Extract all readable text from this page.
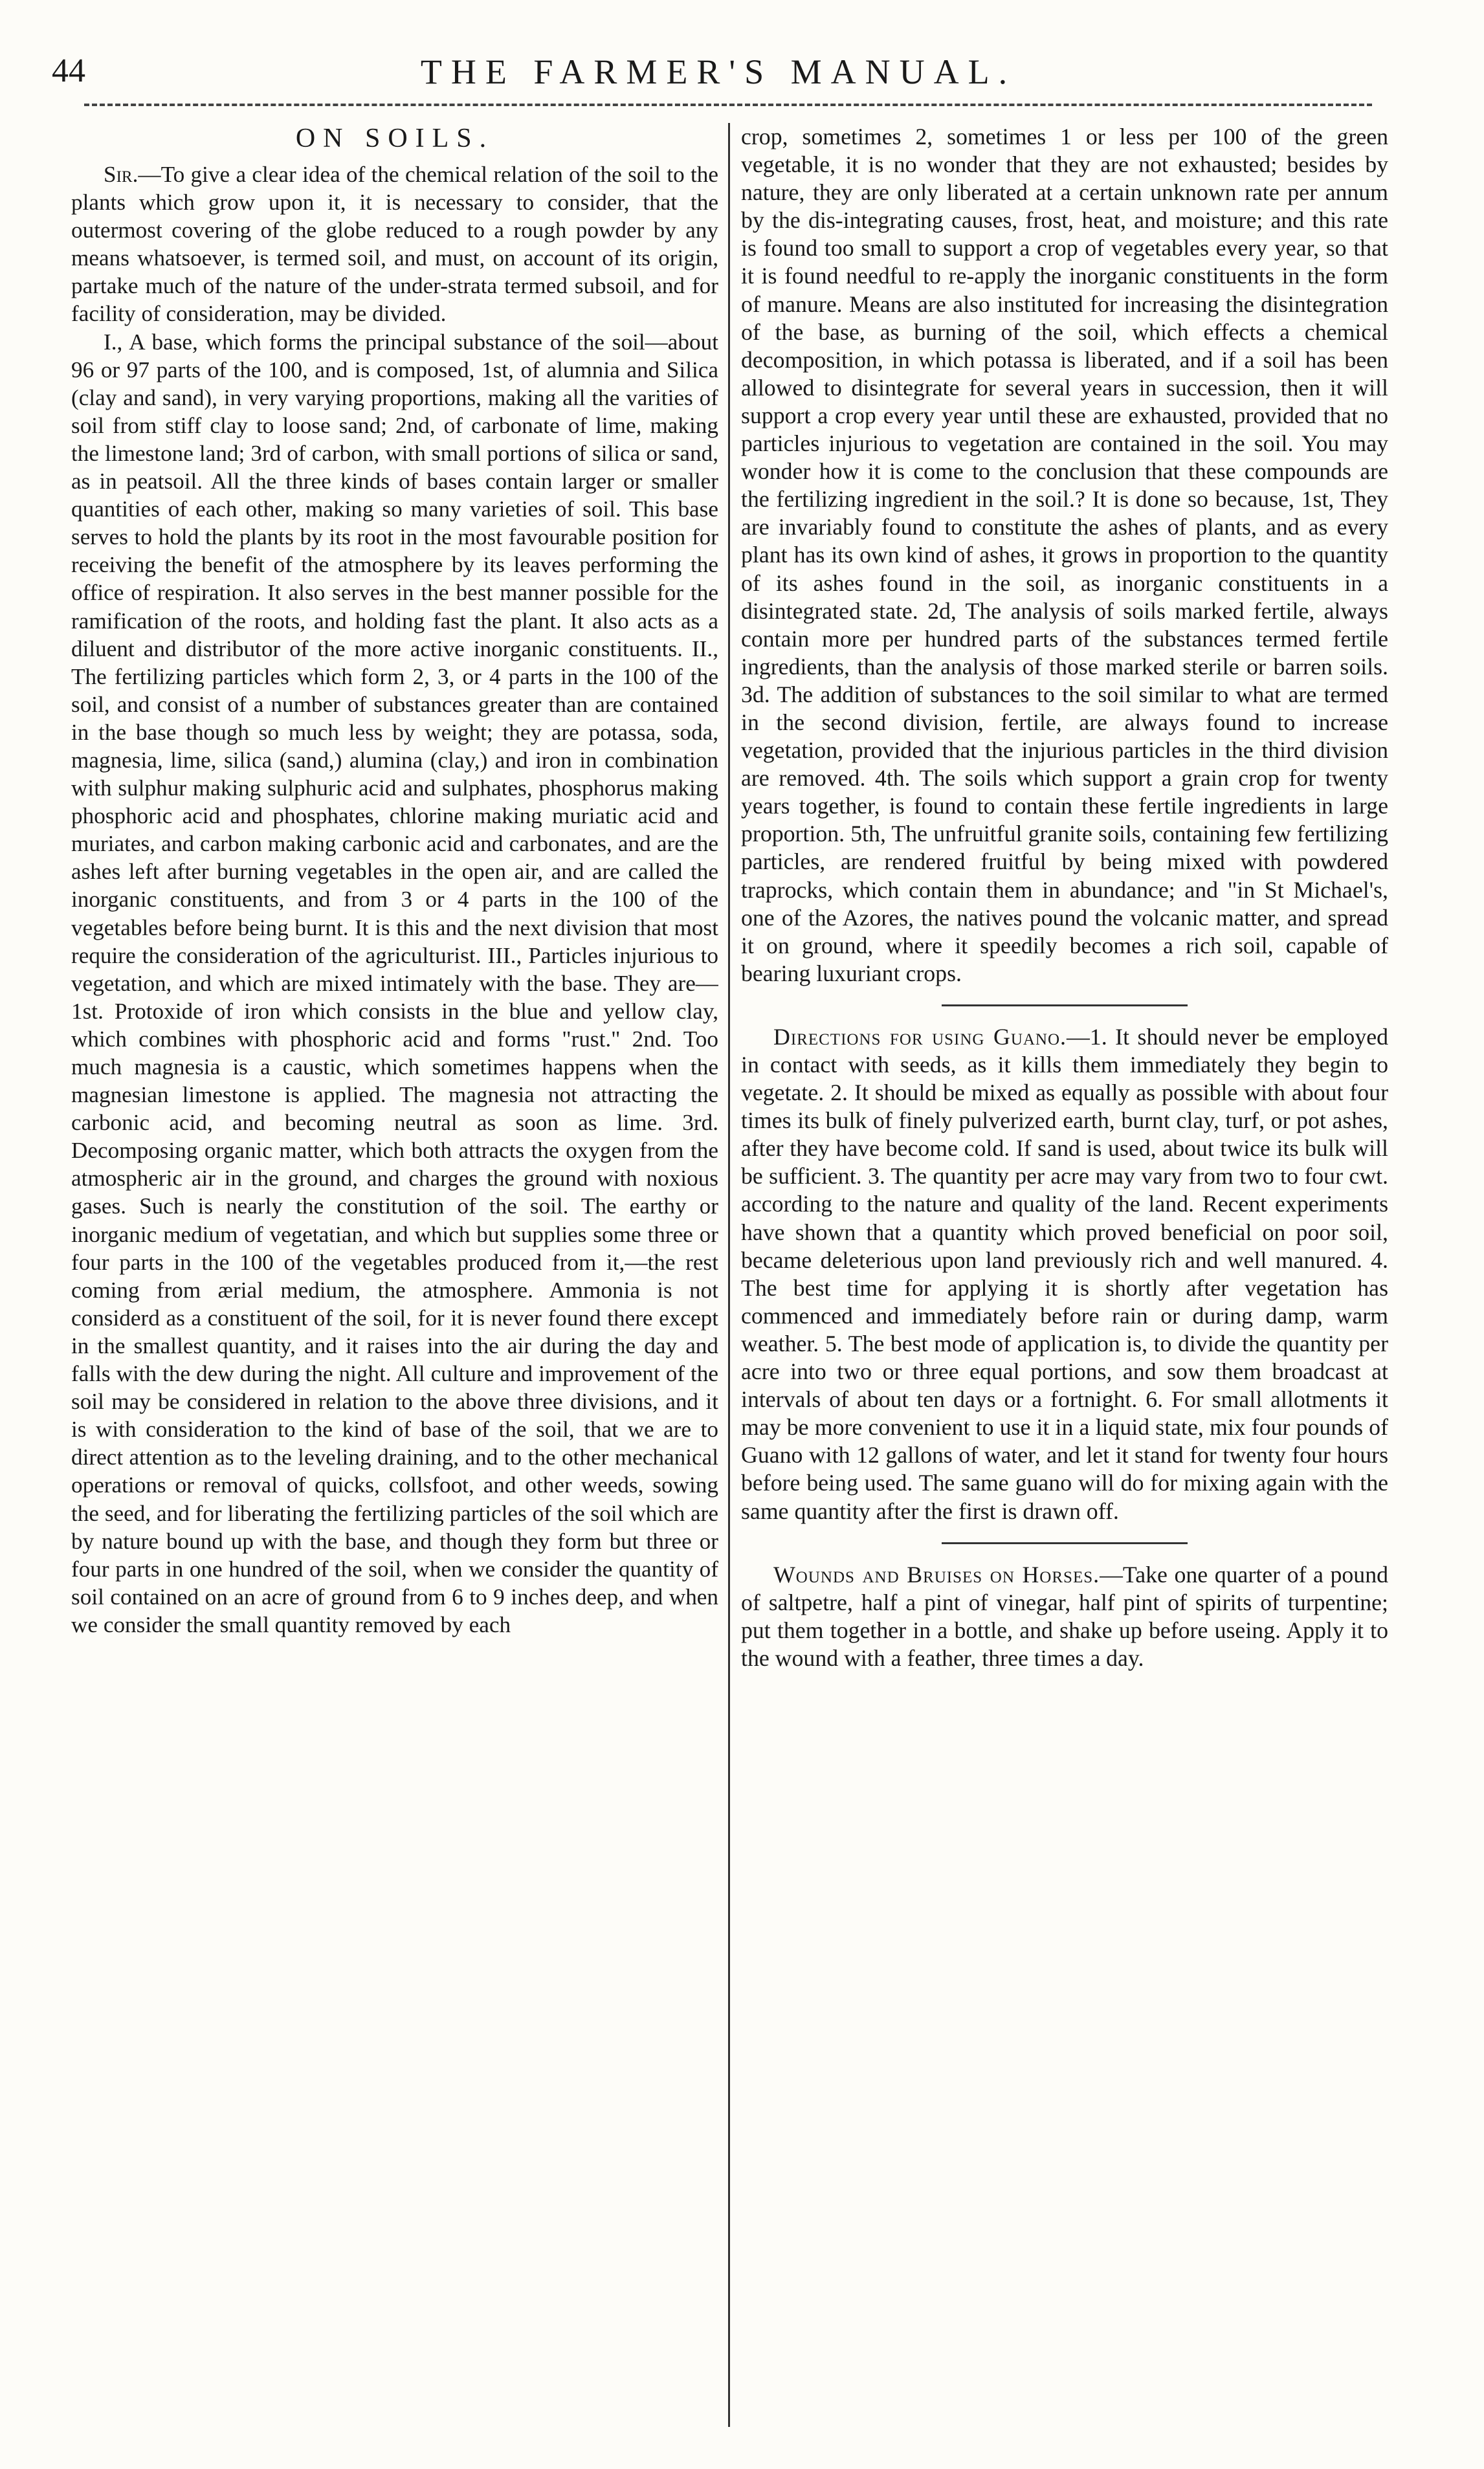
44	THE FARMER'S MANUAL.
ON SOILS.

Sir.—To give a clear idea of the chemical relation of the soil to the plants which grow upon it, it is necessary to consider, that the outermost covering of the globe reduced to a rough powder by any means whatsoever, is termed soil, and must, on account of its origin, partake much of the nature of the under-strata termed subsoil, and for facility of consideration, may be divided.

I., A base, which forms the principal substance of the soil—about 96 or 97 parts of the 100, and is composed, 1st, of alumnia and Silica (clay and sand), in very varying proportions, making all the varities of soil from stiff clay to loose sand; 2nd, of carbonate of lime, making the limestone land; 3rd of carbon, with small portions of silica or sand, as in peatsoil. All the three kinds of bases contain larger or smaller quantities of each other, making so many varieties of soil. This base serves to hold the plants by its root in the most favourable position for receiving the benefit of the atmosphere by its leaves performing the office of respiration. It also serves in the best manner possible for the ramification of the roots, and holding fast the plant. It also acts as a diluent and distributor of the more active inorganic constituents. II., The fertilizing particles which form 2, 3, or 4 parts in the 100 of the soil, and consist of a number of substances greater than are contained in the base though so much less by weight; they are potassa, soda, magnesia, lime, silica (sand,) alumina (clay,) and iron in combination with sulphur making sulphuric acid and sulphates, phosphorus making phosphoric acid and phosphates, chlorine making muriatic acid and muriates, and carbon making carbonic acid and carbonates, and are the ashes left after burning vegetables in the open air, and are called the inorganic constituents, and from 3 or 4 parts in the 100 of the vegetables before being burnt. It is this and the next division that most require the consideration of the agriculturist. III., Particles injurious to vegetation, and which are mixed intimately with the base. They are—1st. Protoxide of iron which consists in the blue and yellow clay, which combines with phosphoric acid and forms "rust." 2nd. Too much magnesia is a caustic, which sometimes happens when the magnesian limestone is applied. The magnesia not attracting the carbonic acid, and becoming neutral as soon as lime. 3rd. Decomposing organic matter, which both attracts the oxygen from the atmospheric air in the ground, and charges the ground with noxious gases. Such is nearly the constitution of the soil. The earthy or inorganic medium of vegetatian, and which but supplies some three or four parts in the 100 of the vegetables produced from it,—the rest coming from ærial medium, the atmosphere. Ammonia is not considerd as a constituent of the soil, for it is never found there except in the smallest quantity, and it raises into the air during the day and falls with the dew during the night. All culture and improvement of the soil may be considered in relation to the above three divisions, and it is with consideration to the kind of base of the soil, that we are to direct attention as to the leveling draining, and to the other mechanical operations or removal of quicks, collsfoot, and other weeds, sowing the seed, and for liberating the fertilizing particles of the soil which are by nature bound up with the base, and though they form but three or four parts in one hundred of the soil, when we consider the quantity of soil contained on an acre of ground from 6 to 9 inches deep, and when we consider the small quantity removed by each

crop, sometimes 2, sometimes 1 or less per 100 of the green vegetable, it is no wonder that they are not exhausted; besides by nature, they are only liberated at a certain unknown rate per annum by the dis-integrating causes, frost, heat, and moisture; and this rate is found too small to support a crop of vegetables every year, so that it is found needful to re-apply the inorganic constituents in the form of manure. Means are also instituted for increasing the disintegration of the base, as burning of the soil, which effects a chemical decomposition, in which potassa is liberated, and if a soil has been allowed to disintegrate for several years in succession, then it will support a crop every year until these are exhausted, provided that no particles injurious to vegetation are contained in the soil. You may wonder how it is come to the conclusion that these compounds are the fertilizing ingredient in the soil.? It is done so because, 1st, They are invariably found to constitute the ashes of plants, and as every plant has its own kind of ashes, it grows in proportion to the quantity of its ashes found in the soil, as inorganic constituents in a disintegrated state. 2d, The analysis of soils marked fertile, always contain more per hundred parts of the substances termed fertile ingredients, than the analysis of those marked sterile or barren soils. 3d. The addition of substances to the soil similar to what are termed in the second division, fertile, are always found to increase vegetation, provided that the injurious particles in the third division are removed. 4th. The soils which support a grain crop for twenty years together, is found to contain these fertile ingredients in large proportion. 5th, The unfruitful granite soils, containing few fertilizing particles, are rendered fruitful by being mixed with powdered traprocks, which contain them in abundance; and "in St Michael's, one of the Azores, the natives pound the volcanic matter, and spread it on ground, where it speedily becomes a rich soil, capable of bearing luxuriant crops.

Directions for using Guano.—1. It should never be employed in contact with seeds, as it kills them immediately they begin to vegetate. 2. It should be mixed as equally as possible with about four times its bulk of finely pulverized earth, burnt clay, turf, or pot ashes, after they have become cold. If sand is used, about twice its bulk will be sufficient. 3. The quantity per acre may vary from two to four cwt. according to the nature and quality of the land. Recent experiments have shown that a quantity which proved beneficial on poor soil, became deleterious upon land previously rich and well manured. 4. The best time for applying it is shortly after vegetation has commenced and immediately before rain or during damp, warm weather. 5. The best mode of application is, to divide the quantity per acre into two or three equal portions, and sow them broadcast at intervals of about ten days or a fortnight. 6. For small allotments it may be more convenient to use it in a liquid state, mix four pounds of Guano with 12 gallons of water, and let it stand for twenty four hours before being used. The same guano will do for mixing again with the same quantity after the first is drawn off.

Wounds and Bruises on Horses.—Take one quarter of a pound of saltpetre, half a pint of vinegar, half pint of spirits of turpentine; put them together in a bottle, and shake up before useing. Apply it to the wound with a feather, three times a day.
